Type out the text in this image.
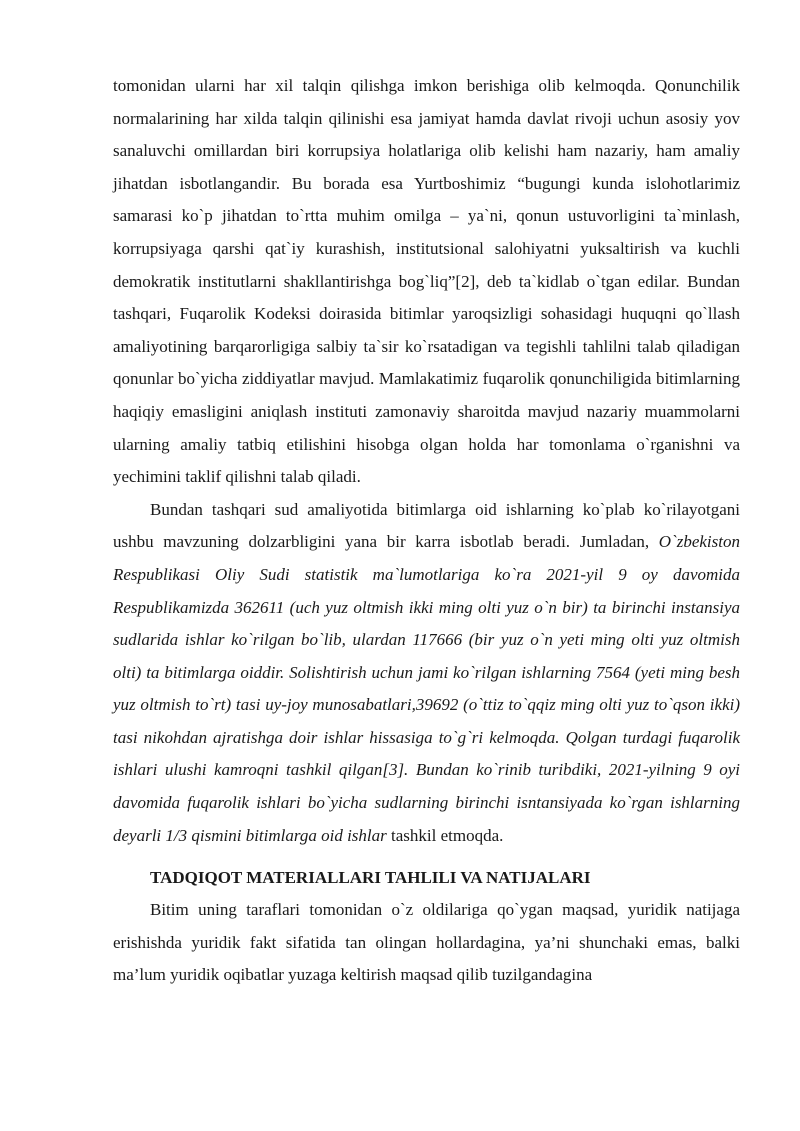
tomonidan ularni har xil talqin qilishga imkon berishiga olib kelmoqda. Qonunchilik normalarining har xilda talqin qilinishi esa jamiyat hamda davlat rivoji uchun asosiy yov sanaluvchi omillardan biri korrupsiya holatlariga olib kelishi ham nazariy, ham amaliy jihatdan isbotlangandir. Bu borada esa Yurtboshimiz “bugungi kunda islohotlarimiz samarasi ko`p jihatdan to`rtta muhim omilga – ya`ni, qonun ustuvorligini ta`minlash, korrupsiyaga qarshi qat`iy kurashish, institutsional salohiyatni yuksaltirish va kuchli demokratik institutlarni shakllantirishga bog`liq”[2], deb ta`kidlab o`tgan edilar. Bundan tashqari, Fuqarolik Kodeksi doirasida bitimlar yaroqsizligi sohasidagi huquqni qo`llash amaliyotining barqarorligiga salbiy ta`sir ko`rsatadigan va tegishli tahlilni talab qiladigan qonunlar bo`yicha ziddiyatlar mavjud. Mamlakatimiz fuqarolik qonunchiligida bitimlarning haqiqiy emasligini aniqlash instituti zamonaviy sharoitda mavjud nazariy muammolarni ularning amaliy tatbiq etilishini hisobga olgan holda har tomonlama o`rganishni va yechimini taklif qilishni talab qiladi.

Bundan tashqari sud amaliyotida bitimlarga oid ishlarning ko`plab ko`rilayotgani ushbu mavzuning dolzarbligini yana bir karra isbotlab beradi. Jumladan, O`zbekiston Respublikasi Oliy Sudi statistik ma`lumotlariga ko`ra 2021-yil 9 oy davomida Respublikamizda 362611 (uch yuz oltmish ikki ming olti yuz o`n bir) ta birinchi instansiya sudlarida ishlar ko`rilgan bo`lib, ulardan 117666 (bir yuz o`n yeti ming olti yuz oltmish olti) ta bitimlarga oiddir. Solishtirish uchun jami ko`rilgan ishlarning 7564 (yeti ming besh yuz oltmish to`rt) tasi uy-joy munosabatlari,39692 (o`ttiz to`qqiz ming olti yuz to`qson ikki) tasi nikohdan ajratishga doir ishlar hissasiga to`g`ri kelmoqda. Qolgan turdagi fuqarolik ishlari ulushi kamroqni tashkil qilgan[3]. Bundan ko`rinib turibdiki, 2021-yilning 9 oyi davomida fuqarolik ishlari bo`yicha sudlarning birinchi isntansiyada ko`rgan ishlarning deyarli 1/3 qismini bitimlarga oid ishlar tashkil etmoqda.

TADQIQOT MATERIALLARI TAHLILI VA NATIJALARI

Bitim uning taraflari tomonidan o`z oldilariga qo`ygan maqsad, yuridik natijaga erishishda yuridik fakt sifatida tan olingan hollardagina, ya’ni shunchaki emas, balki ma’lum yuridik oqibatlar yuzaga keltirish maqsad qilib tuzilgandagina
